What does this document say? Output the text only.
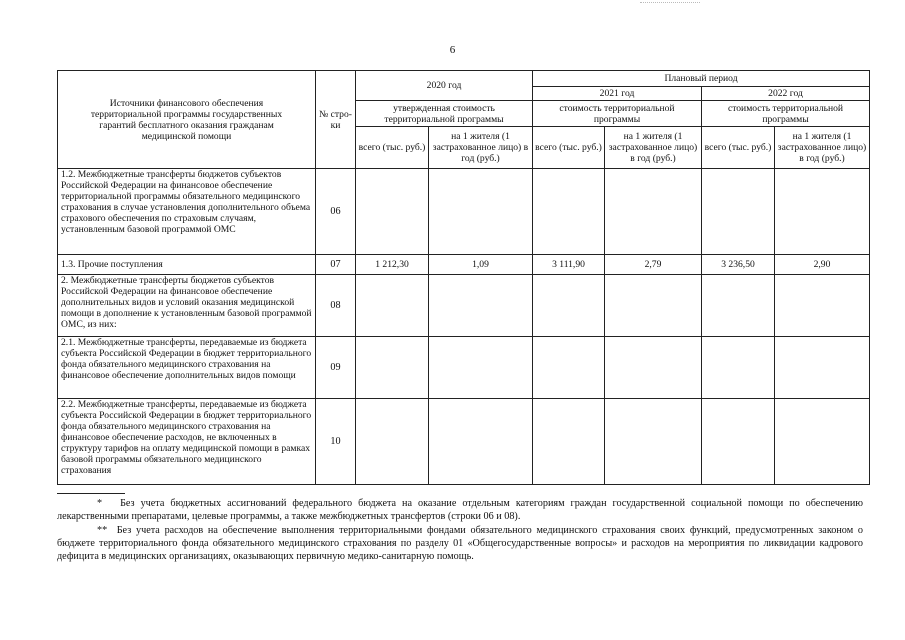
6
Источники финансового обеспечения территориальной программы государственных гарантий бесплатного оказания гражданам медицинской помощи	№ стро-ки	2020 год		Плановый период			
				2021 год		2022 год	
		утвержденная стоимость территориальной программы		стоимость территориальной программы		стоимость территориальной программы	
		всего (тыс. руб.)	на 1 жителя (1 застрахованное лицо) в год (руб.)	всего (тыс. руб.)	на 1 жителя (1 застрахованное лицо) в год (руб.)	всего (тыс. руб.)	на 1 жителя (1 застрахованное лицо) в год (руб.)
1.2. Межбюджетные трансферты бюджетов субъектов Российской Федерации на финансовое обеспечение территориальной программы обязательного медицинского страхования в случае установления дополнительного объема страхового обеспечения по страховым случаям, установленным базовой программой ОМС	06						
1.3. Прочие поступления	07	1 212,30	1,09	3 111,90	2,79	3 236,50	2,90
2. Межбюджетные трансферты бюджетов субъектов Российской Федерации на финансовое обеспечение дополнительных видов и условий оказания медицинской помощи в дополнение к установленным базовой программой ОМС, из них:	08						
2.1. Межбюджетные трансферты, передаваемые из бюджета субъекта Российской Федерации в бюджет территориального фонда обязательного медицинского страхования на финансовое обеспечение дополнительных видов помощи	09						
2.2. Межбюджетные трансферты, передаваемые из бюджета субъекта Российской Федерации в бюджет территориального фонда обязательного медицинского страхования на финансовое обеспечение расходов, не включенных в структуру тарифов на оплату медицинской помощи в рамках базовой программы обязательного медицинского страхования	10						
* Без учета бюджетных ассигнований федерального бюджета на оказание отдельным категориям граждан государственной социальной помощи по обеспечению лекарственными препаратами, целевые программы, а также межбюджетных трансфертов (строки 06 и 08).
** Без учета расходов на обеспечение выполнения территориальными фондами обязательного медицинского страхования своих функций, предусмотренных законом о бюджете территориального фонда обязательного медицинского страхования по разделу 01 «Общегосударственные вопросы» и расходов на мероприятия по ликвидации кадрового дефицита в медицинских организациях, оказывающих первичную медико-санитарную помощь.
